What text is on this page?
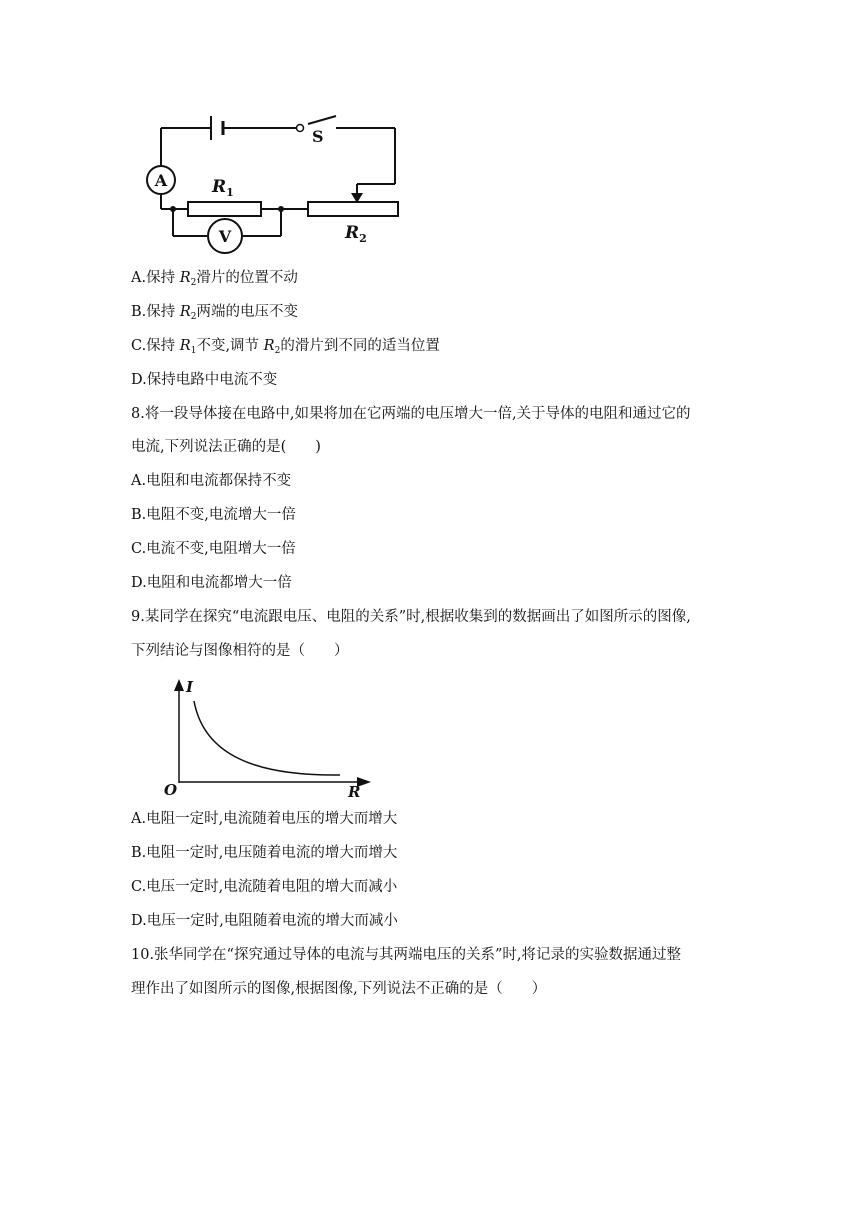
S
A	$R_1$
V	$R_2$
A.保持 $R_2$滑片的位置不动
B.保持 $R_2$两端的电压不变
C.保持 $R_1$不变,调节 $R_2$的滑片到不同的适当位置
D.保持电路中电流不变
8.将一段导体接在电路中,如果将加在它两端的电压增大一倍,关于导体的电阻和通过它的
电流,下列说法正确的是(　　)
A.电阻和电流都保持不变
B.电阻不变,电流增大一倍
C.电流不变,电阻增大一倍
D.电阻和电流都增大一倍
9.某同学在探究“电流跟电压、电阻的关系”时,根据收集到的数据画出了如图所示的图像,
下列结论与图像相符的是（　　）
I
R
O
A.电阻一定时,电流随着电压的增大而增大
B.电阻一定时,电压随着电流的增大而增大
C.电压一定时,电流随着电阻的增大而减小
D.电压一定时,电阻随着电流的增大而减小
10.张华同学在“探究通过导体的电流与其两端电压的关系”时,将记录的实验数据通过整
理作出了如图所示的图像,根据图像,下列说法不正确的是（　　）
